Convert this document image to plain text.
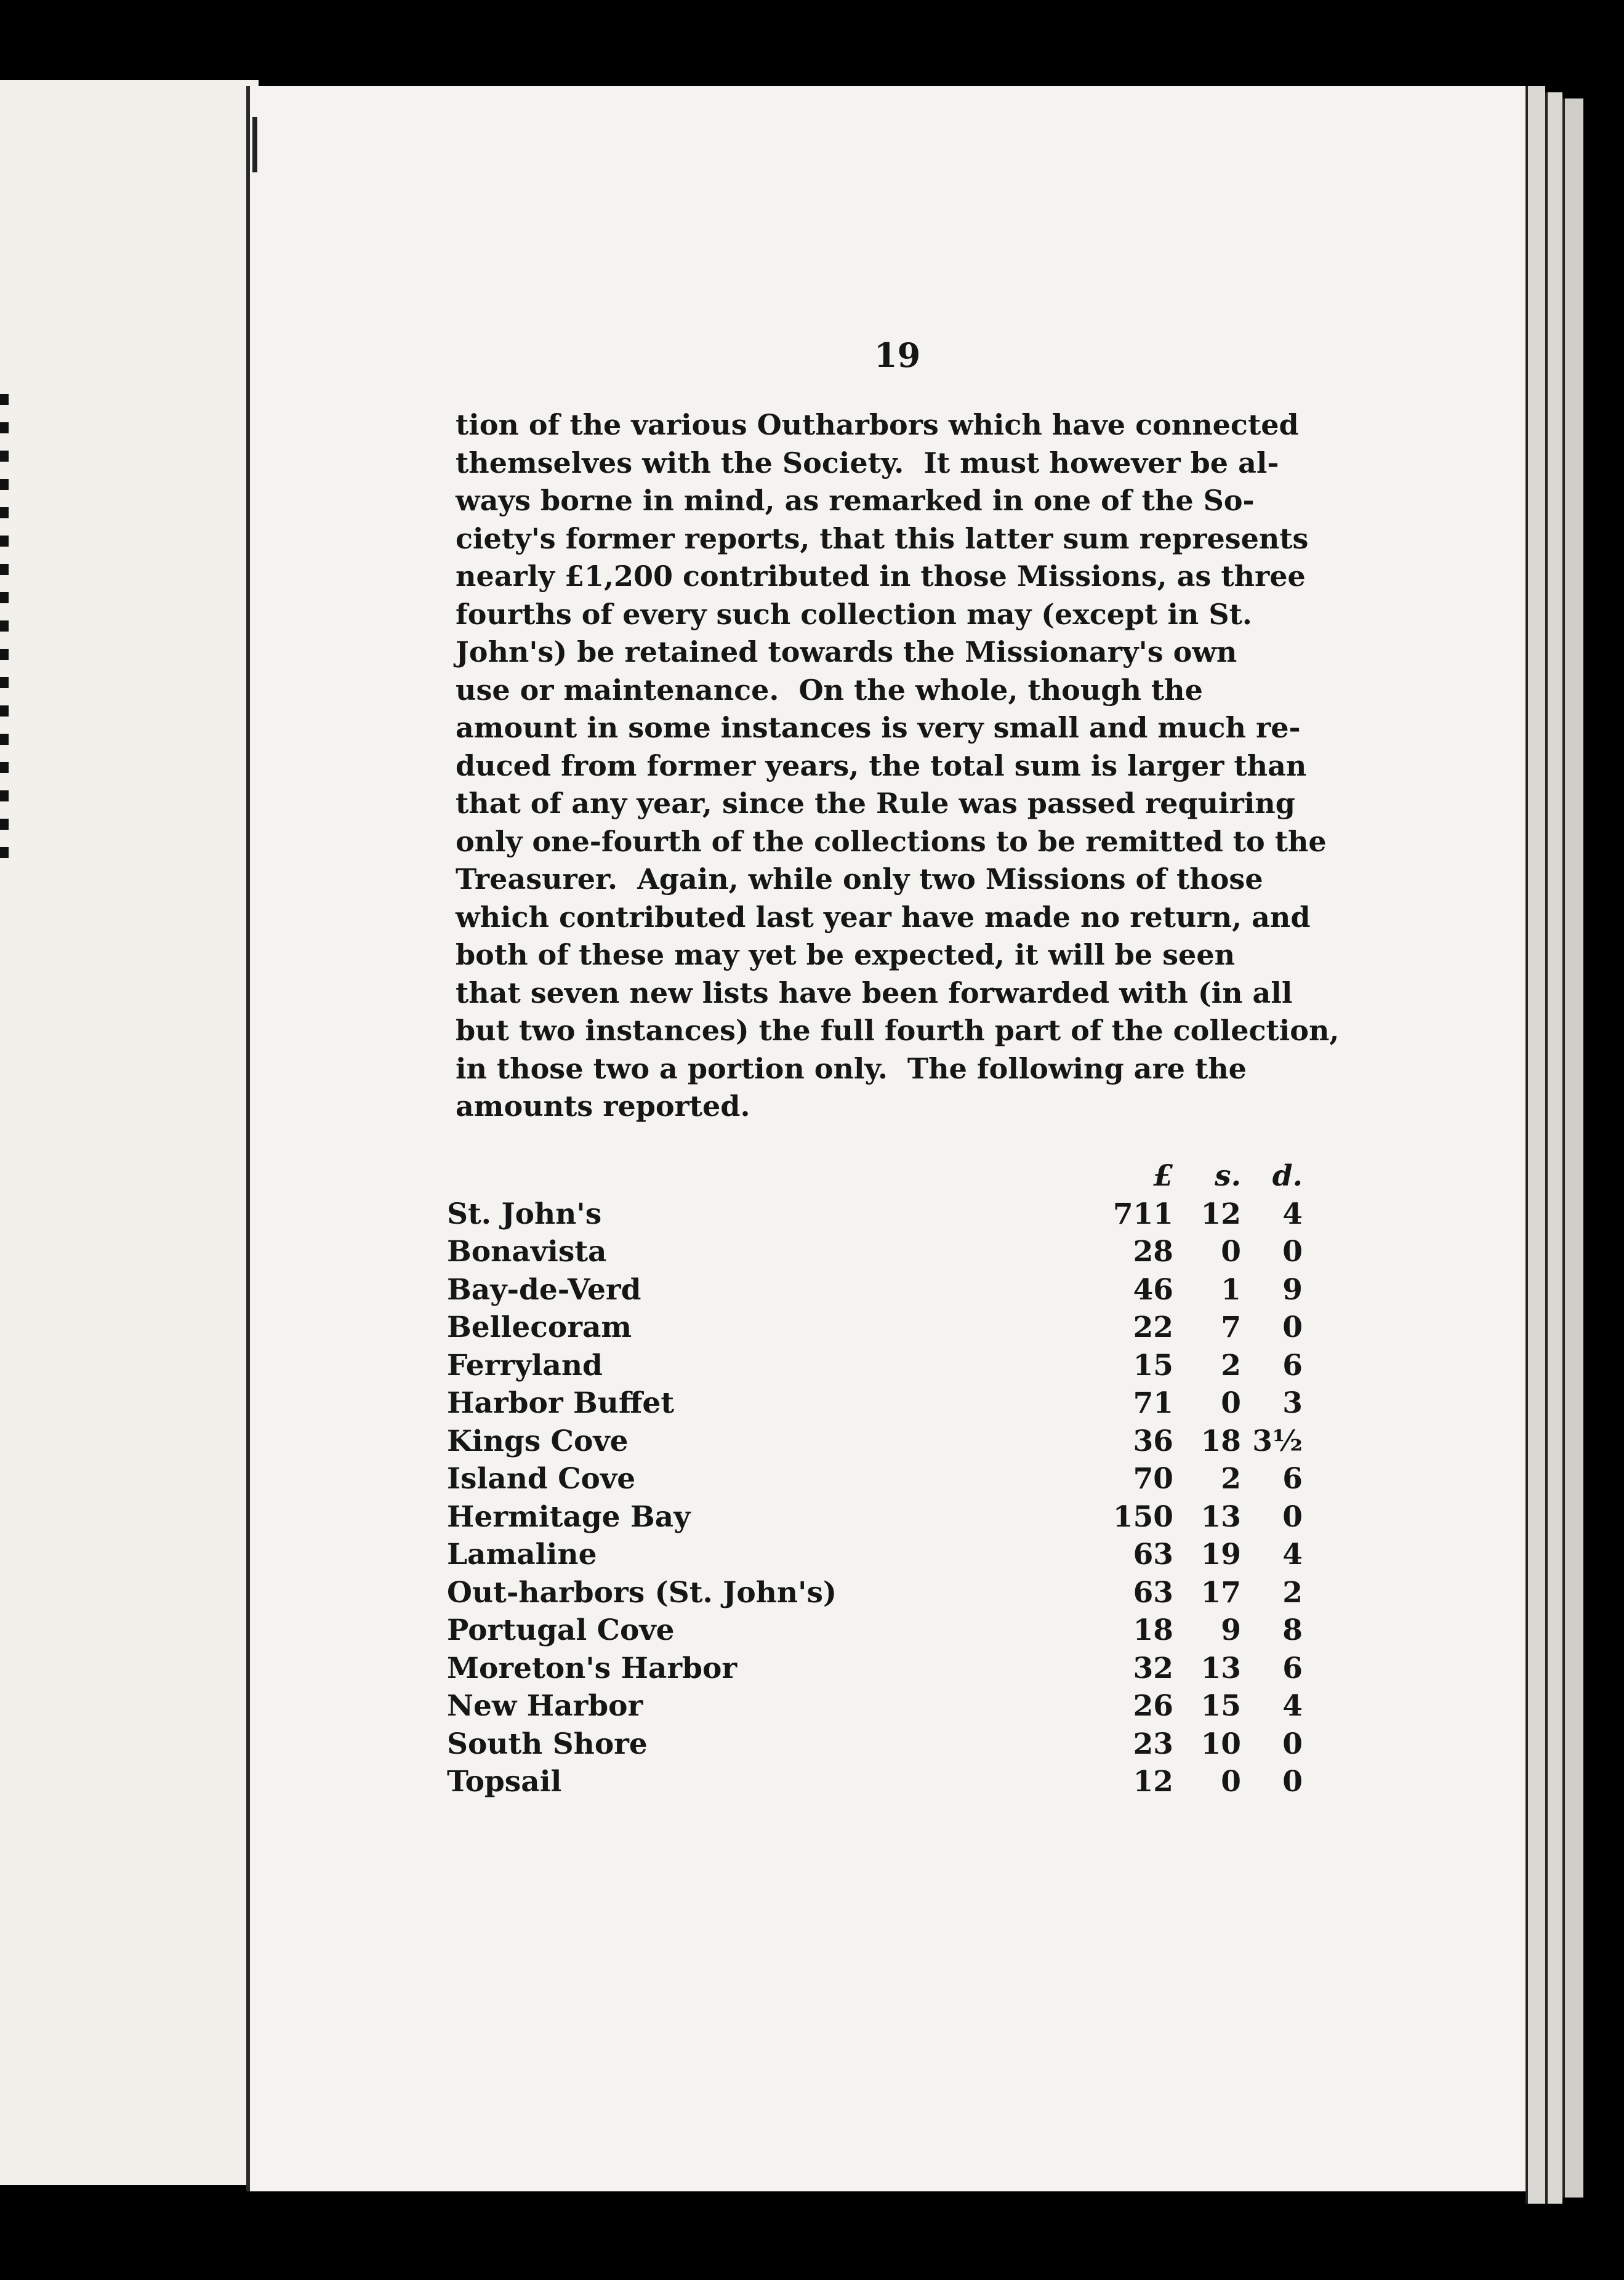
19

tion of the various Outharbors which have connected
themselves with the Society.  It must however be al-
ways borne in mind, as remarked in one of the So-
ciety's former reports, that this latter sum represents
nearly £1,200 contributed in those Missions, as three
fourths of every such collection may (except in St.
John's) be retained towards the Missionary's own
use or maintenance.  On the whole, though the
amount in some instances is very small and much re-
duced from former years, the total sum is larger than
that of any year, since the Rule was passed requiring
only one-fourth of the collections to be remitted to the
Treasurer.  Again, while only two Missions of those
which contributed last year have made no return, and
both of these may yet be expected, it will be seen
that seven new lists have been forwarded with (in all
but two instances) the full fourth part of the collection,
in those two a portion only.  The following are the
amounts reported.

	£	s.	d.
St. John's	711	12	4
Bonavista	28	0	0
Bay-de-Verd	46	1	9
Bellecoram	22	7	0
Ferryland	15	2	6
Harbor Buffet	71	0	3
Kings Cove	36	18	3½
Island Cove	70	2	6
Hermitage Bay	150	13	0
Lamaline	63	19	4
Out-harbors (St. John's)	63	17	2
Portugal Cove	18	9	8
Moreton's Harbor	32	13	6
New Harbor	26	15	4
South Shore	23	10	0
Topsail	12	0	0
